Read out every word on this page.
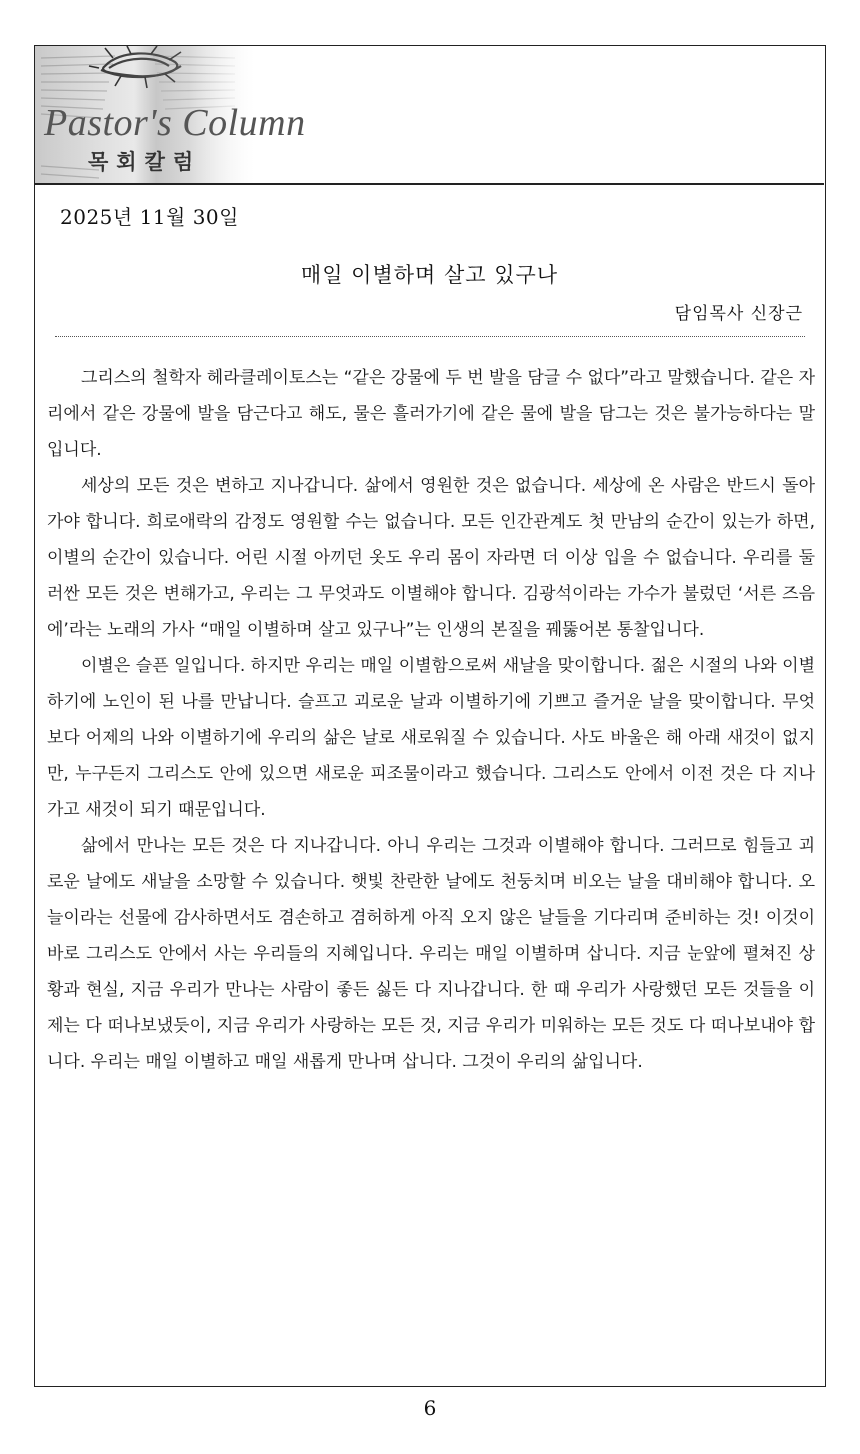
Pastor's Column
목회칼럼
2025년 11월 30일
매일 이별하며 살고 있구나
담임목사 신장근

그리스의 철학자 헤라클레이토스는 “같은 강물에 두 번 발을 담글 수 없다”라고 말했습니다. 같은 자리에서 같은 강물에 발을 담근다고 해도, 물은 흘러가기에 같은 물에 발을 담그는 것은 불가능하다는 말입니다.

세상의 모든 것은 변하고 지나갑니다. 삶에서 영원한 것은 없습니다. 세상에 온 사람은 반드시 돌아가야 합니다. 희로애락의 감정도 영원할 수는 없습니다. 모든 인간관계도 첫 만남의 순간이 있는가 하면, 이별의 순간이 있습니다. 어린 시절 아끼던 옷도 우리 몸이 자라면 더 이상 입을 수 없습니다. 우리를 둘러싼 모든 것은 변해가고, 우리는 그 무엇과도 이별해야 합니다. 김광석이라는 가수가 불렀던 ‘서른 즈음에’라는 노래의 가사 “매일 이별하며 살고 있구나”는 인생의 본질을 꿰뚫어본 통찰입니다.

이별은 슬픈 일입니다. 하지만 우리는 매일 이별함으로써 새날을 맞이합니다. 젊은 시절의 나와 이별하기에 노인이 된 나를 만납니다. 슬프고 괴로운 날과 이별하기에 기쁘고 즐거운 날을 맞이합니다. 무엇보다 어제의 나와 이별하기에 우리의 삶은 날로 새로워질 수 있습니다. 사도 바울은 해 아래 새것이 없지만, 누구든지 그리스도 안에 있으면 새로운 피조물이라고 했습니다. 그리스도 안에서 이전 것은 다 지나가고 새것이 되기 때문입니다.

삶에서 만나는 모든 것은 다 지나갑니다. 아니 우리는 그것과 이별해야 합니다. 그러므로 힘들고 괴로운 날에도 새날을 소망할 수 있습니다. 햇빛 찬란한 날에도 천둥치며 비오는 날을 대비해야 합니다. 오늘이라는 선물에 감사하면서도 겸손하고 겸허하게 아직 오지 않은 날들을 기다리며 준비하는 것! 이것이 바로 그리스도 안에서 사는 우리들의 지혜입니다. 우리는 매일 이별하며 삽니다. 지금 눈앞에 펼쳐진 상황과 현실, 지금 우리가 만나는 사람이 좋든 싫든 다 지나갑니다. 한 때 우리가 사랑했던 모든 것들을 이제는 다 떠나보냈듯이, 지금 우리가 사랑하는 모든 것, 지금 우리가 미워하는 모든 것도 다 떠나보내야 합니다. 우리는 매일 이별하고 매일 새롭게 만나며 삽니다. 그것이 우리의 삶입니다.

6
